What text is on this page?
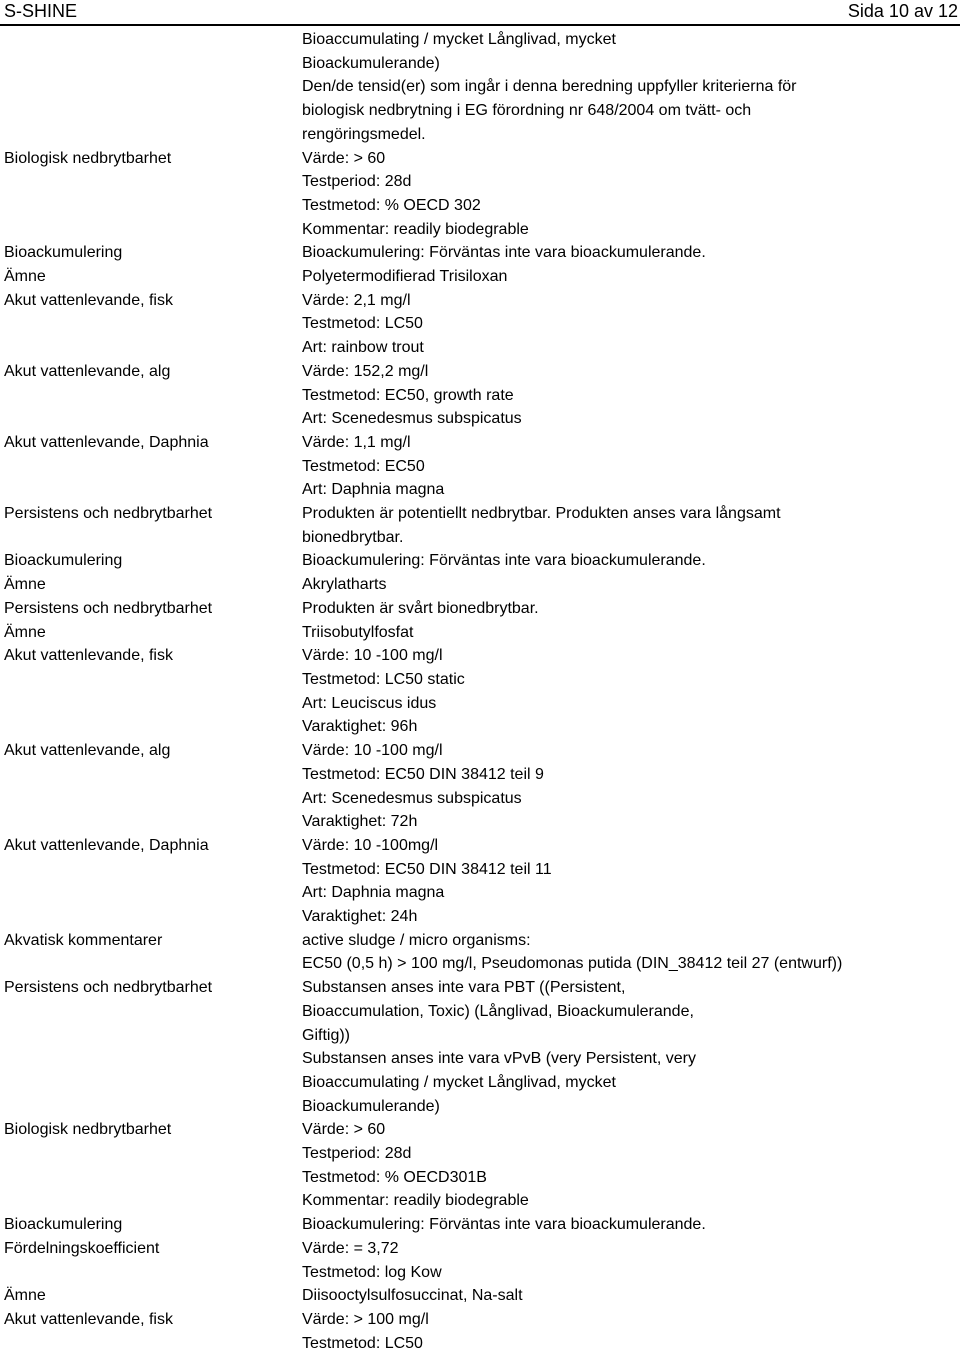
S-SHINE	Sida 10 av 12
Bioaccumulating / mycket Långlivad, mycket
Bioackumulerande)
Den/de tensid(er) som ingår i denna beredning uppfyller kriterierna för
biologisk nedbrytning i EG förordning nr 648/2004 om tvätt- och
rengöringsmedel.
Biologisk nedbrytbarhet	Värde: > 60
Testperiod: 28d
Testmetod: % OECD 302
Kommentar: readily biodegrable
Bioackumulering	Bioackumulering: Förväntas inte vara bioackumulerande.
Ämne	Polyetermodifierad Trisiloxan
Akut vattenlevande, fisk	Värde: 2,1 mg/l
Testmetod: LC50
Art: rainbow trout
Akut vattenlevande, alg	Värde: 152,2 mg/l
Testmetod: EC50, growth rate
Art: Scenedesmus subspicatus
Akut vattenlevande, Daphnia	Värde: 1,1 mg/l
Testmetod: EC50
Art: Daphnia magna
Persistens och nedbrytbarhet	Produkten är potentiellt nedbrytbar. Produkten anses vara långsamt
bionedbrytbar.
Bioackumulering	Bioackumulering: Förväntas inte vara bioackumulerande.
Ämne	Akrylatharts
Persistens och nedbrytbarhet	Produkten är svårt bionedbrytbar.
Ämne	Triisobutylfosfat
Akut vattenlevande, fisk	Värde: 10 -100 mg/l
Testmetod: LC50 static
Art: Leuciscus idus
Varaktighet: 96h
Akut vattenlevande, alg	Värde: 10 -100 mg/l
Testmetod: EC50 DIN 38412 teil 9
Art: Scenedesmus subspicatus
Varaktighet: 72h
Akut vattenlevande, Daphnia	Värde: 10 -100mg/l
Testmetod: EC50 DIN 38412 teil 11
Art: Daphnia magna
Varaktighet: 24h
Akvatisk kommentarer	active sludge / micro organisms:
EC50 (0,5 h) > 100 mg/l, Pseudomonas putida (DIN_38412 teil 27 (entwurf))
Persistens och nedbrytbarhet	Substansen anses inte vara PBT ((Persistent,
Bioaccumulation, Toxic) (Långlivad, Bioackumulerande,
Giftig))
Substansen anses inte vara vPvB (very Persistent, very
Bioaccumulating / mycket Långlivad, mycket
Bioackumulerande)
Biologisk nedbrytbarhet	Värde: > 60
Testperiod: 28d
Testmetod: % OECD301B
Kommentar: readily biodegrable
Bioackumulering	Bioackumulering: Förväntas inte vara bioackumulerande.
Fördelningskoefficient	Värde: = 3,72
Testmetod: log Kow
Ämne	Diisooctylsulfosuccinat, Na-salt
Akut vattenlevande, fisk	Värde: > 100 mg/l
Testmetod: LC50
